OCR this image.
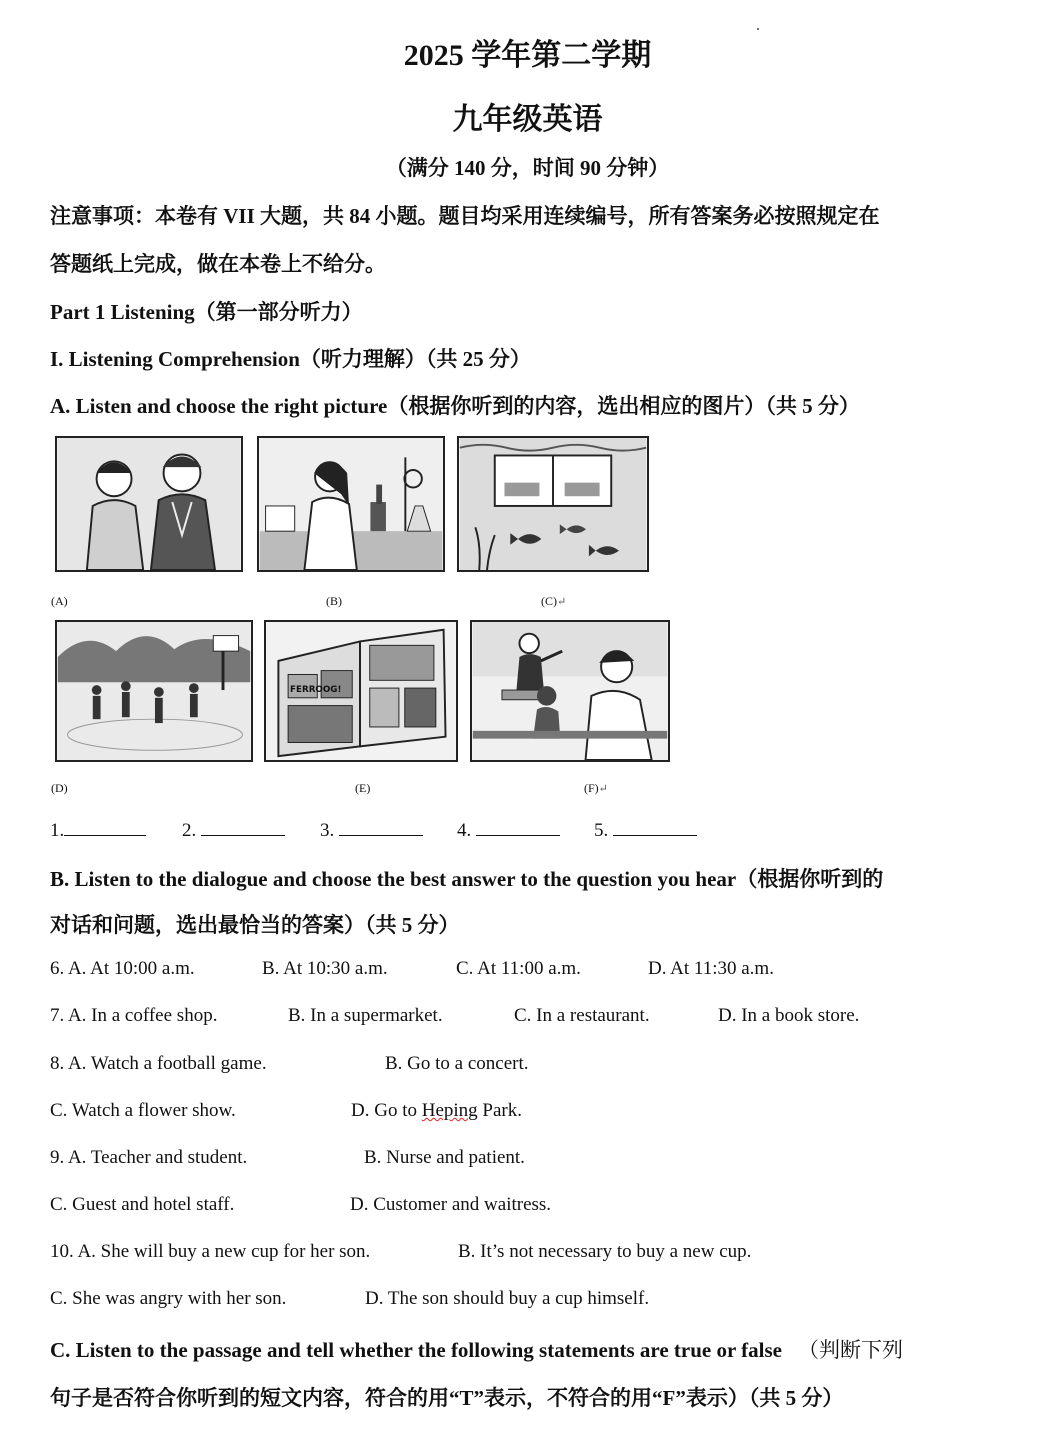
2025 学年第二学期
九年级英语
（满分 140 分，时间 90 分钟）
注意事项：本卷有 VII 大题，共 84 小题。题目均采用连续编号，所有答案务必按照规定在
答题纸上完成，做在本卷上不给分。
Part 1 Listening（第一部分听力）
I. Listening Comprehension（听力理解）（共 25 分）
A. Listen and choose the right picture（根据你听到的内容，选出相应的图片）（共 5 分）
(A)	(B)	(C)↵
(D)
FERROOG!
(E)	(F)↵
1.	2.	3.	4.	5.
B. Listen to the dialogue and choose the best answer to the question you hear（根据你听到的
对话和问题，选出最恰当的答案）（共 5 分）
6. A. At 10:00 a.m.	B. At 10:30 a.m.	C. At 11:00 a.m.	D. At 11:30 a.m.
7. A. In a coffee shop.	B. In a supermarket.	C. In a restaurant.	D. In a book store.
8. A. Watch a football game.	B. Go to a concert.
C. Watch a flower show.	D. Go to Heping Park.
9. A. Teacher and student.	B. Nurse and patient.
C. Guest and hotel staff.	D. Customer and waitress.
10. A. She will buy a new cup for her son.	B. It’s not necessary to buy a new cup.
C. She was angry with her son.	D. The son should buy a cup himself.
C. Listen to the passage and tell whether the following statements are true or false （判断下列
句子是否符合你听到的短文内容，符合的用“T”表示，不符合的用“F”表示）（共 5 分）
